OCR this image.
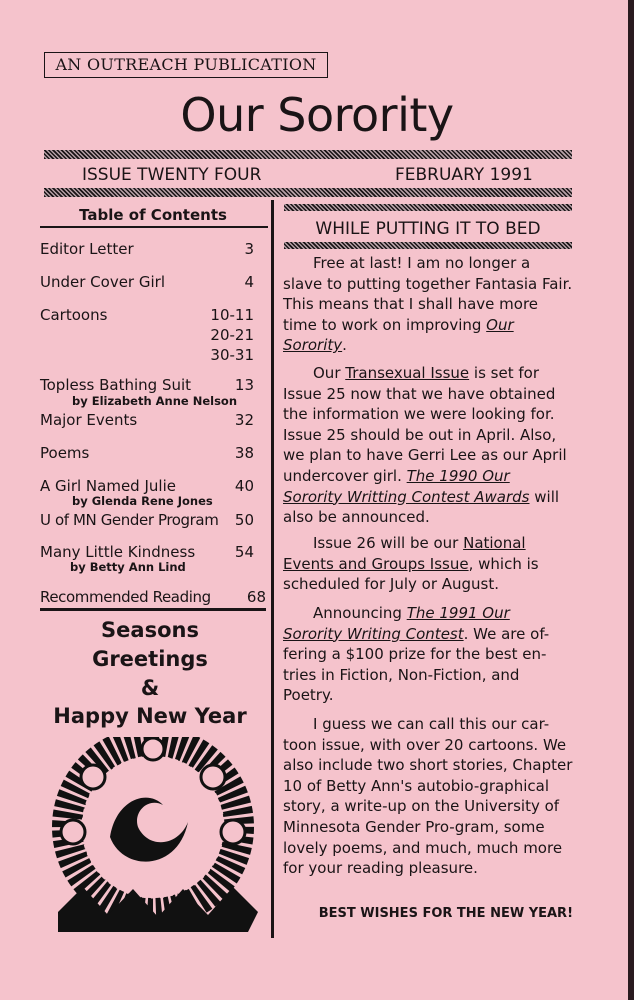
AN OUTREACH PUBLICATION
Our Sorority
ISSUE TWENTY FOUR	FEBRUARY 1991
Table of Contents
Editor Letter	3
Under Cover Girl	4
Cartoons	10-11
20-21
30-31
Topless Bathing Suit	13
by Elizabeth Anne Nelson
Major Events	32
Poems	38
A Girl Named Julie	40
by Glenda Rene Jones
U of MN Gender Program 50
Many Little Kindness	54
by Betty Ann Lind
Recommended Reading 68
Seasons
Greetings
&
Happy New Year
WHILE PUTTING IT TO BED

Free at last! I am no longer a slave to putting together Fantasia Fair. This means that I shall have more time to work on improving Our Sorority.

Our Transexual Issue is set for Issue 25 now that we have obtained the information we were looking for. Issue 25 should be out in April. Also, we plan to have Gerri Lee as our April undercover girl. The 1990 Our Sorority Writting Contest Awards will also be announced.

Issue 26 will be our National Events and Groups Issue, which is scheduled for July or August.

Announcing The 1991 Our Sorority Writing Contest. We are of-fering a $100 prize for the best en-tries in Fiction, Non-Fiction, and Poetry.

I guess we can call this our car-toon issue, with over 20 cartoons. We also include two short stories, Chapter 10 of Betty Ann's autobio-graphical story, a write-up on the University of Minnesota Gender Pro-gram, some lovely poems, and much, much more for your reading pleasure.

BEST WISHES FOR THE NEW YEAR!
